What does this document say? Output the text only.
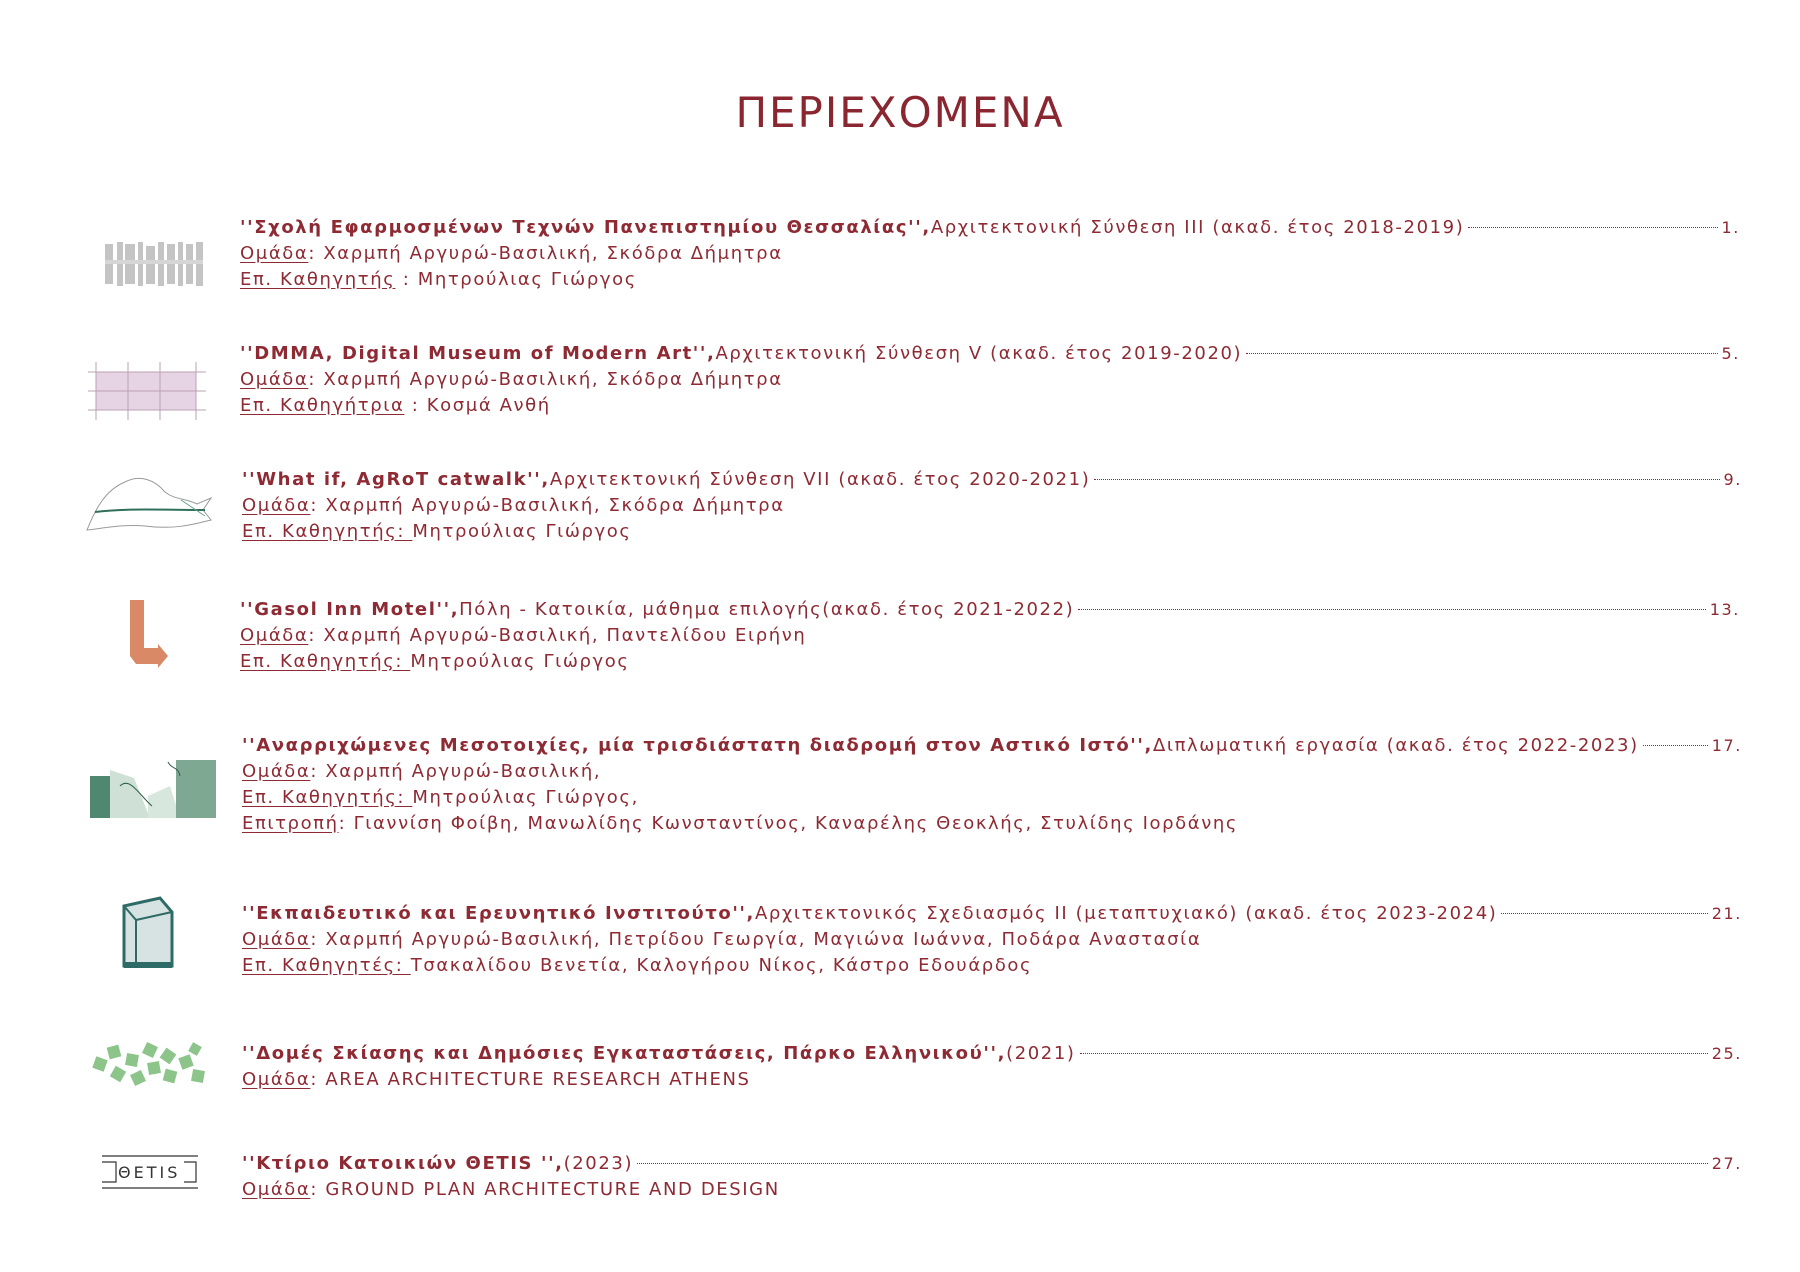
ΠΕΡΙΕΧΟΜΕΝΑ
''Σχολή Εφαρμοσμένων Τεχνών Πανεπιστημίου Θεσσαλίας'', Αρχιτεκτονική Σύνθεση ΙΙΙ (ακαδ. έτος 2018-2019)	1.
Ομάδα: Χαρμπή Αργυρώ-Βασιλική, Σκόδρα Δήμητρα
Επ. Καθηγητής : Μητρούλιας Γιώργος
''DMMA, Digital Museum of Modern Art'', Αρχιτεκτονική Σύνθεση V (ακαδ. έτος 2019-2020)	5.
Ομάδα: Χαρμπή Αργυρώ-Βασιλική, Σκόδρα Δήμητρα
Επ. Καθηγήτρια : Κοσμά Ανθή
''What if, AgRoT catwalk'', Αρχιτεκτονική Σύνθεση VII (ακαδ. έτος 2020-2021)	9.
Ομάδα: Χαρμπή Αργυρώ-Βασιλική, Σκόδρα Δήμητρα
Επ. Καθηγητής: Μητρούλιας Γιώργος
''Gasol Inn Motel'', Πόλη - Κατοικία, μάθημα επιλογής(ακαδ. έτος 2021-2022)	13.
Ομάδα: Χαρμπή Αργυρώ-Βασιλική, Παντελίδου Ειρήνη
Επ. Καθηγητής: Μητρούλιας Γιώργος
''Αναρριχώμενες Μεσοτοιχίες, μία τρισδιάστατη διαδρομή στον Αστικό Ιστό'', Διπλωματική εργασία (ακαδ. έτος 2022-2023)	17.
Ομάδα: Χαρμπή Αργυρώ-Βασιλική,
Επ. Καθηγητής: Μητρούλιας Γιώργος,
Επιτροπή: Γιαννίση Φοίβη, Μανωλίδης Κωνσταντίνος, Καναρέλης Θεοκλής, Στυλίδης Ιορδάνης
''Εκπαιδευτικό και Ερευνητικό Ινστιτούτο'', Αρχιτεκτονικός Σχεδιασμός ΙΙ (μεταπτυχιακό) (ακαδ. έτος 2023-2024)	21.
Ομάδα: Χαρμπή Αργυρώ-Βασιλική, Πετρίδου Γεωργία, Μαγιώνα Ιωάννα, Ποδάρα Αναστασία
Επ. Καθηγητές: Τσακαλίδου Βενετία, Καλογήρου Νίκος, Κάστρο Εδουάρδος
''Δομές Σκίασης και Δημόσιες Εγκαταστάσεις, Πάρκο Ελληνικού'', (2021)	25.
Ομάδα: AREA ARCHITECTURE RESEARCH ATHENS
''Κτίριο Κατοικιών ΘETIS '', (2023)	27.
Ομάδα: GROUND PLAN ARCHITECTURE AND DESIGN
ΘETIS
